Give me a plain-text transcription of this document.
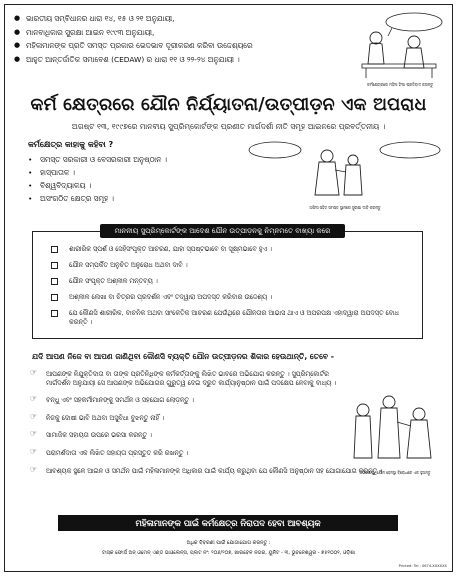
● ଭାରତୀୟ ସମ୍ବିଧାନର ଧାରା ୧୪, ୧୫ ଓ ୨୧ ଅନୁଯାୟୀ,
● ମାନବାଧିକାର ସୁରକ୍ଷା ଆଇନ ୧୯୯୩ ଅନୁଯାୟୀ,
● ମହିଳାମାନଙ୍କ ପ୍ରତି ସମସ୍ତ ପ୍ରକାର ଭେଦଭାବ ଦୂରୀକରଣ କରିବା ଉଦ୍ଦେଶ୍ୟରେ
● ଆହୁତ ଆନ୍ତର୍ଜାତିକ ସମାବେଶ (CEDAW) ର ଧାରା ୧୧ ଓ ୨୨-୨୪ ଅନୁଯାୟୀ ।
କର୍ମକ୍ଷେତ୍ରରେ ମହିଳା ହିଂସା ପ୍ରତିବାଦ କରନ୍ତୁ
କର୍ମ କ୍ଷେତ୍ରରେ ଯୌନ ନିର୍ଯ୍ୟାତନା/ଉତ୍ପୀଡ଼ନ ଏକ ଅପରାଧ
ଅଗଷ୍ଟ ୧୩, ୧୯୯୭ରେ ମାନବୀୟ ସୁପ୍ରିମ୍‌କୋର୍ଟଙ୍କ ପ୍ରଣୀତ ମାର୍ଗଦର୍ଶୀ ନୀତି ସମୂହ ଆଇନରେ ପ୍ରବର୍ତ୍ତନୀୟ ।
କର୍ମକ୍ଷେତ୍ର କାହାକୁ କହିବା ?
• ସମସ୍ତ ସରକାରୀ ଓ ବେସରକାରୀ ଅନୁଷ୍ଠାନ ।
• ହାସ୍ପାତାଳ ।
• ବିଶ୍ୱବିଦ୍ୟାଳୟ ।
• ଅସଂଗଠିତ କ୍ଷେତ୍ର ସମୂହ ।
ଅଫିସ ସହିତ ସମସ୍ତ ସ୍ଥାନରେ ସୁରକ୍ଷା ଦାବି କରନ୍ତୁ
ଶାରୀରିକ ସ୍ପର୍ଶ ଓ ସେହିସଂପୃକ୍ତ ଆଚରଣ, ଯାହା ସ୍ପଷ୍ଟଭାବେ ବା ସୂକ୍ଷ୍ମଭାବେ ହୁଏ ।
ଯୌନ ସମ୍ପର୍କିତ ଅନୁଚିତ ଅନୁରୋଧ ଅଥବା ଦାବି ।
ଯୌନ ସଂପୃକ୍ତ ଅଶ୍ଳୀଳ ମନ୍ତବ୍ୟ ।
ଅଶ୍ଳୀଳ ଲେଖା ବା ଚିତ୍ରର ପ୍ରଦର୍ଶନ ଏବଂ ତଦ୍ୱାରା ଅପଦସ୍ତ କରିବାର ଉଦ୍ଦେଶ୍ୟ ।
ଯେ କୌଣସି ଶାରୀରିକ, ବାଚନିକ ଅଥବା ସାଂକେତିକ ଆଚରଣ ଯେଉଁଥିରେ ଯୌନତାର ଆଭାସ ଥାଏ ଓ ଅପରପକ୍ଷ ଏହାଦ୍ୱାରା ଅପଦସ୍ତ ବୋଧ କରନ୍ତି ।
ମାନନୀୟ ସୁପ୍ରିମ୍‌କୋର୍ଟଙ୍କ ଆଦେଶ ଯୌନ ଉତ୍ପୀଡ଼ନକୁ ନିମ୍ନମତେ ବାଖ୍ୟା କରେ
ଯଦି ଆପଣ ନିଜେ ବା ଆପଣ ଜାଣିଥିବା କୌଣସି ବ୍ୟକ୍ତି ଯୌନ ଉତ୍ପୀଡ଼ନର ଶିକାର ହେଉଥାନ୍ତି, ତେବେ -
☞ ଆପଣଙ୍କ ନିଯୁକ୍ତିଦାତା ବା ତାଙ୍କ ପ୍ରତିନିଧିଙ୍କ କର୍ମକର୍ତ୍ତାଙ୍କୁ ଲିଖିତ ଭାବରେ ଅଭିଯୋଗ କରନ୍ତୁ । ସୁପ୍ରିମ୍‌କୋର୍ଟର ମାର୍ଗଦର୍ଶନ ଅନୁଯାୟୀ ସେ ଆପଣଙ୍କ ଅଭିଯୋଗର ଗୁରୁତ୍ୱ ଦେଇ ଦ୍ରୁତ କାର୍ଯ୍ୟାନୁଷ୍ଠାନ ପାଇଁ ପଦକ୍ଷେପ ନେବାକୁ ବାଧ୍ୟ ।
☞ ବନ୍ଧୁ ଏବଂ ସହକର୍ମୀମାନଙ୍କୁ ସମର୍ଥନ ଓ ସହଯୋଗ ଲୋଡ଼ନ୍ତୁ ।
☞ ନିଜକୁ ଦୋଷୀ ଭାବି ଅଥବା ଅସୁବିଧା ବୁଝନ୍ତୁ ନାହିଁ ।
☞ ସାମାଜିକ ସହାୟତା ଉପରେ ଭରସା କରନ୍ତୁ ।
☞ ପରାମର୍ଶଦାତା ଏକ ଲିଖିତ ସହାୟତା ପ୍ରସ୍ତୁତ କରି ରଖନ୍ତୁ ।
☞ ଆବଶ୍ୟକ ସ୍ଥଳେ ଆଇନ ଓ ସମର୍ଥନ ପାଇଁ ମହିଳାମାନଙ୍କ ଅଧିକାର ପାଇଁ କାର୍ଯ୍ୟ କରୁଥିବା ଯେ କୌଣସି ଅନୁଷ୍ଠାନ ସହ ଯୋଗାଯୋଗ କରନ୍ତୁ ।
ଅଭିଯୋଗ, ଯୌନ ହେନସ୍ଥା ବିରୋଧରେ ଏକ ହୁଅନ୍ତୁ
ମହିଳାମାନଙ୍କ ପାଇଁ କର୍ମକ୍ଷେତ୍ର ନିରାପଦ ହେବା ଆବଶ୍ୟକ
ଅଧିକ ବିବରଣୀ ପାଇଁ ଯୋଗାଯୋଗ କରନ୍ତୁ :
ଟାସ୍କ ଫୋର୍ସ ଅନ୍ ଓମେନ୍ ଏଣ୍ଡ ଭାଓଲେନ୍ସ, ପ୍ଲଟ ନଂ: ୨୦୬/୨୦୭, ଖାରବେଳ ନଗର, ୟୁନିଟ - ୩, ଭୁବନେଶ୍ୱର - ୭୫୧୦୦୧, ଓଡ଼ିଶା
Printed: Tel : 0674-XXXXXX
